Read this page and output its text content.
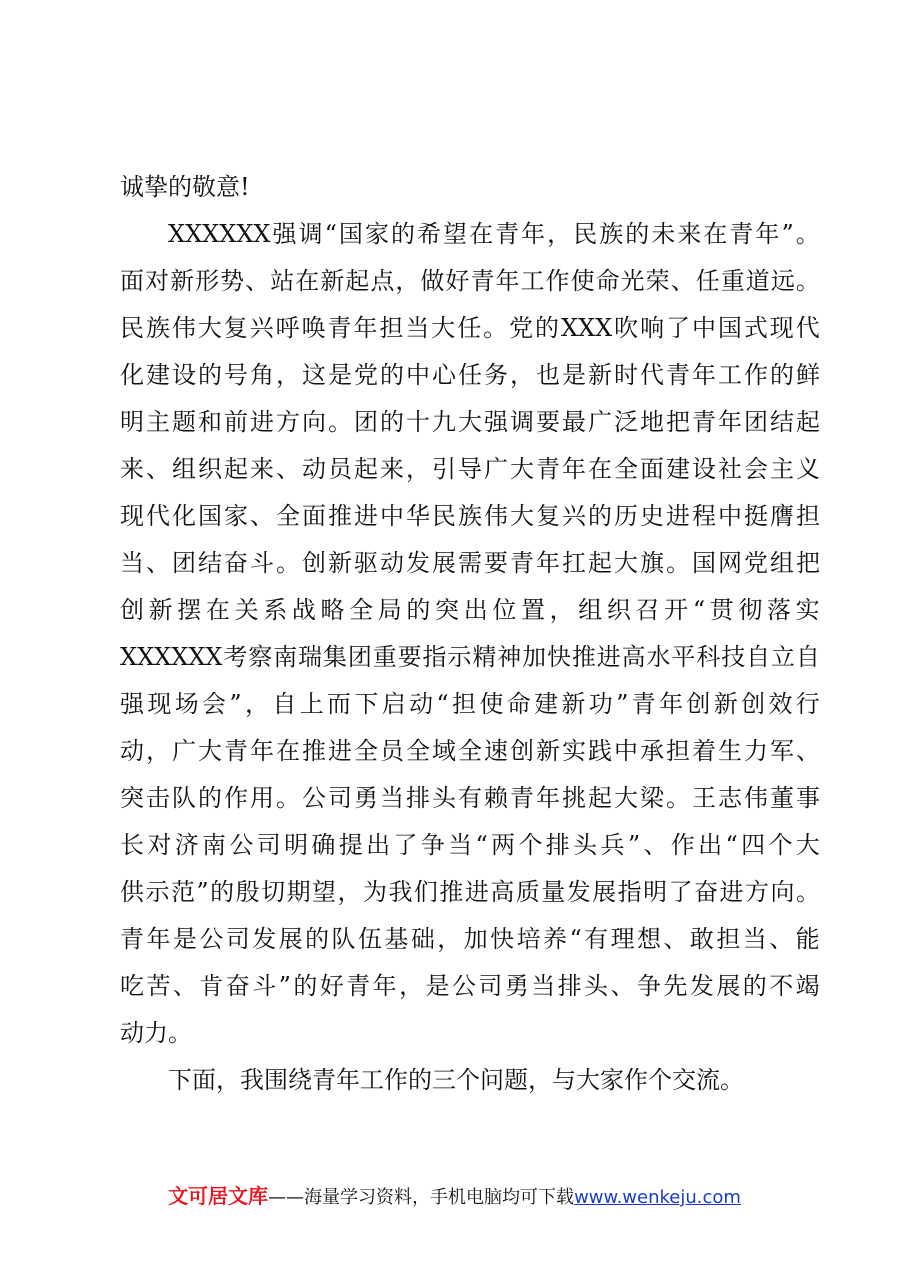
诚挚的敬意!
XXXXXX 强 调 “ 国 家 的 希 望 在 青 年 ， 民 族 的 未 来 在 青 年 ” 。
面 对 新 形 势 、 站 在 新 起 点 ， 做 好 青 年 工 作 使 命 光 荣 、 任 重 道 远 。
民 族 伟 大 复 兴 呼 唤 青 年 担 当 大 任 。 党 的 XXX 吹 响 了 中 国 式 现 代
化 建 设 的 号 角 ， 这 是 党 的 中 心 任 务 ， 也 是 新 时 代 青 年 工 作 的 鲜
明 主 题 和 前 进 方 向 。 团 的 十 九 大 强 调 要 最 广 泛 地 把 青 年 团 结 起
来 、 组 织 起 来 、 动 员 起 来 ， 引 导 广 大 青 年 在 全 面 建 设 社 会 主 义
现 代 化 国 家 、 全 面 推 进 中 华 民 族 伟 大 复 兴 的 历 史 进 程 中 挺 膺 担
当 、 团 结 奋 斗 。 创 新 驱 动 发 展 需 要 青 年 扛 起 大 旗 。 国 网 党 组 把
创 新 摆 在 关 系 战 略 全 局 的 突 出 位 置 ， 组 织 召 开 “ 贯 彻 落 实
XXXXXX 考 察 南 瑞 集 团 重 要 指 示 精 神 加 快 推 进 高 水 平 科 技 自 立 自
强 现 场 会 ” ， 自 上 而 下 启 动 “ 担 使 命 建 新 功 ” 青 年 创 新 创 效 行
动 ， 广 大 青 年 在 推 进 全 员 全 域 全 速 创 新 实 践 中 承 担 着 生 力 军 、
突 击 队 的 作 用 。 公 司 勇 当 排 头 有 赖 青 年 挑 起 大 梁 。 王 志 伟 董 事
长 对 济 南 公 司 明 确 提 出 了 争 当 “ 两 个 排 头 兵 ” 、 作 出 “ 四 个 大
供 示 范 ” 的 殷 切 期 望 ， 为 我 们 推 进 高 质 量 发 展 指 明 了 奋 进 方 向 。
青 年 是 公 司 发 展 的 队 伍 基 础 ， 加 快 培 养 “ 有 理 想 、 敢 担 当 、 能
吃 苦 、 肯 奋 斗 ” 的 好 青 年 ， 是 公 司 勇 当 排 头 、 争 先 发 展 的 不 竭
动力。
下面，我围绕青年工作的三个问题，与大家作个交流。
文可居文库——海量学习资料，手机电脑均可下载www.wenkeju.com
